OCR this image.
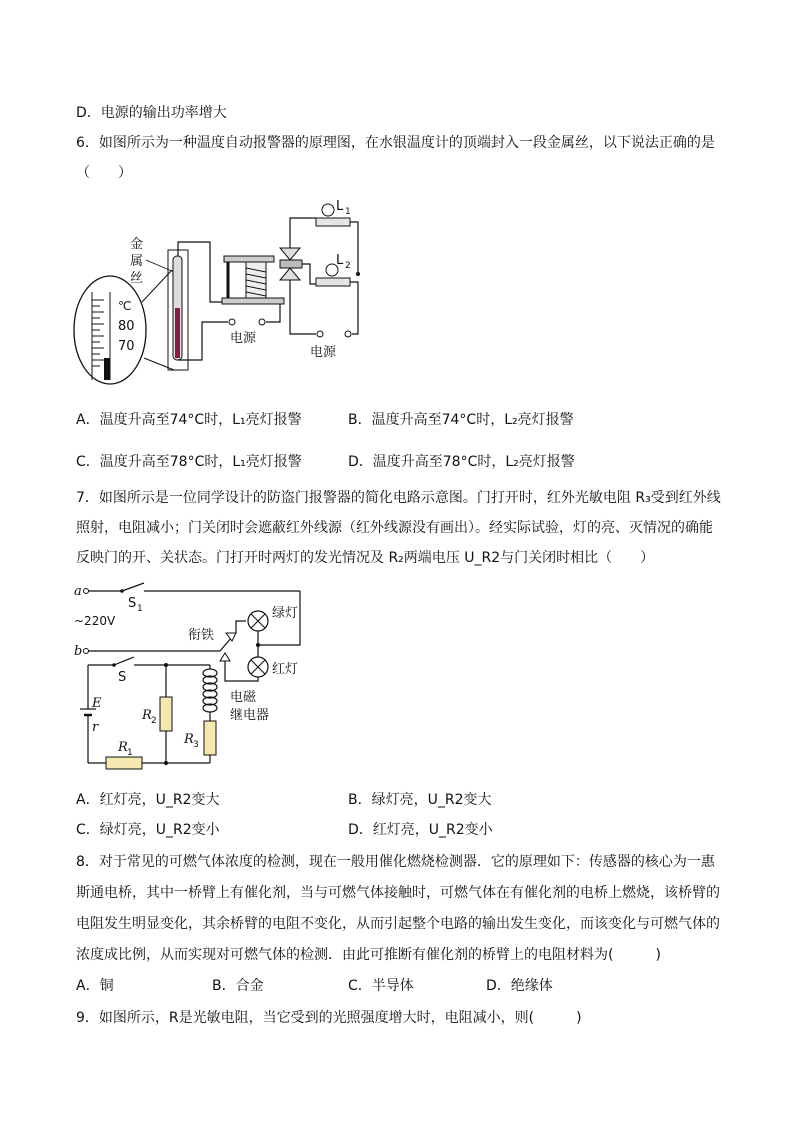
D．电源的输出功率增大
6．如图所示为一种温度自动报警器的原理图，在水银温度计的顶端封入一段金属丝，以下说法正确的是
（　　）
℃
80
70
金
属
丝
电源
L 1
L 2
电源
A．温度升高至74°C时，L₁亮灯报警	B．温度升高至74°C时，L₂亮灯报警
C．温度升高至78°C时，L₁亮灯报警	D．温度升高至78°C时，L₂亮灯报警
7．如图所示是一位同学设计的防盗门报警器的简化电路示意图。门打开时，红外光敏电阻 R₃受到红外线
照射，电阻减小；门关闭时会遮蔽红外线源（红外线源没有画出）。经实际试验，灯的亮、灭情况的确能
反映门的开、关状态。门打开时两灯的发光情况及 R₂两端电压 U_R2与门关闭时相比（　　）
a
S 1
~220V
b
衔铁
绿灯
红灯
电磁
继电器
S
E
r
R 2
R 3
R 1
A．红灯亮，U_R2变大	B．绿灯亮，U_R2变大
C．绿灯亮，U_R2变小	D．红灯亮，U_R2变小
8．对于常见的可燃气体浓度的检测，现在一般用催化燃烧检测器．它的原理如下：传感器的核心为一惠
斯通电桥，其中一桥臂上有催化剂，当与可燃气体接触时，可燃气体在有催化剂的电桥上燃烧，该桥臂的
电阻发生明显变化，其余桥臂的电阻不变化，从而引起整个电路的输出发生变化，而该变化与可燃气体的
浓度成比例，从而实现对可燃气体的检测．由此可推断有催化剂的桥臂上的电阻材料为(　　　)
A．铜	B．合金	C．半导体	D．绝缘体
9．如图所示，R是光敏电阻，当它受到的光照强度增大时，电阻减小，则(　　　)
